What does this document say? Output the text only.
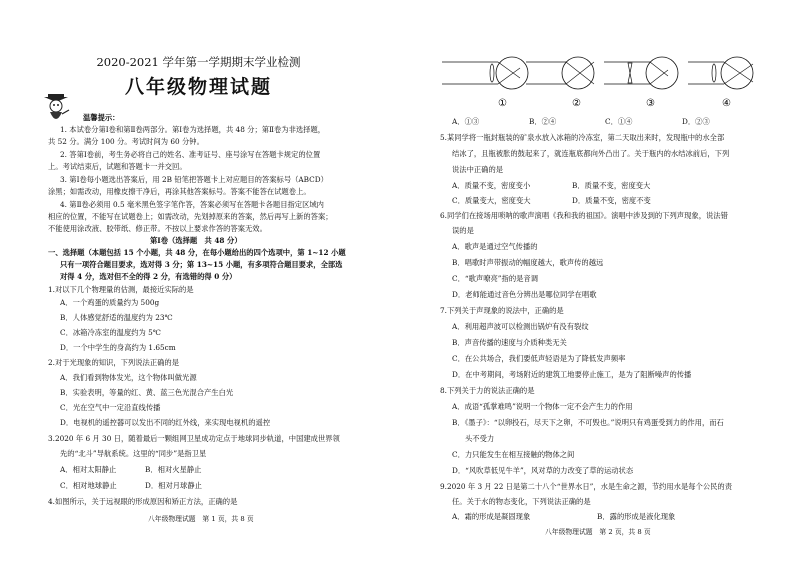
2020-2021 学年第一学期期末学业检测
八年级物理试题
温馨提示：
1. 本试卷分第Ⅰ卷和第Ⅱ卷两部分。第Ⅰ卷为选择题，共 48 分；第Ⅱ卷为非选择题，
共 52 分。满分 100 分。考试时间为 60 分钟。
2. 答第Ⅰ卷前，考生务必将自己的姓名、准考证号、座号涂写在答题卡规定的位置
上。考试结束后，试题和答题卡一并交回。
3. 第Ⅰ卷每小题选出答案后，用 2B 铅笔把答题卡上对应题目的答案标号（ABCD）
涂黑；如需改动，用橡皮擦干净后，再涂其他答案标号。答案不能答在试题卷上。
4. 第Ⅱ卷必须用 0.5 毫米黑色签字笔作答，答案必须写在答题卡各题目指定区域内
相应的位置，不能写在试题卷上；如需改动，先划掉原来的答案，然后再写上新的答案；
不能使用涂改液、胶带纸、修正带。不按以上要求作答的答案无效。
第Ⅰ卷（选择题　共 48 分）
一、选择题（本题包括 15 个小题，共 48 分，在每小题给出的四个选项中，第 1~12 小题
只有一项符合题目要求，选对得 3 分；第 13~15 小题，有多项符合题目要求，全部选
对得 4 分，选对但不全的得 2 分，有选错的得 0 分）
1.对以下几个物理量的估测，最接近实际的是
A．一个鸡蛋的质量约为 500g
B．人体感觉舒适的温度约为 23℃
C．冰箱冷冻室的温度约为 5℃
D．一个中学生的身高约为 1.65cm
2.对于光现象的知识，下列说法正确的是
A．我们看到物体发光，这个物体叫做光源
B．实验表明，等量的红、黄、蓝三色光混合产生白光
C．光在空气中一定沿直线传播
D．电视机的遥控器可以发出不同的红外线，来实现电视机的遥控
3.2020 年 6 月 30 日，随着最后一颗组网卫星成功定点于地球同步轨道，中国建成世界领
先的“北斗”导航系统。这里的“同步”是指卫星
A．相对太阳静止	B．相对火星静止
C．相对地球静止	D．相对月球静止
4.如图所示，关于远视眼的形成原因和矫正方法，正确的是
八年级物理试题　第 1 页，共 8 页
①	②	③	④
A．①③	B．②④	C．①④	D．②③
5.某同学将一瓶封瓶装的矿泉水放入冰箱的冷冻室，第二天取出来时，发现瓶中的水全部
结冰了，且瓶被胀的鼓起来了，就连瓶底都向外凸出了。关于瓶内的水结冰前后，下列
说法中正确的是
A．质量不变，密度变小	B．质量不变，密度变大
C．质量变大，密度变大	D．质量不变，密度不变
6.同学们在接场用唢呐的歌声演唱《我和我的祖国》。演唱中涉及到的下列声现象，说法错
误的是
A．歌声是通过空气传播的
B．唱歌时声带振动的幅度越大，歌声传的越远
C．“歌声嘹亮”指的是音调
D．老师能通过音色分辨出是哪位同学在唱歌
7.下列关于声现象的说法中，正确的是
A．利用超声波可以检测出锅炉有没有裂纹
B．声音传播的速度与介质种类无关
C．在公共场合，我们要低声轻语是为了降低发声频率
D．在中考期间，考场附近的建筑工地要停止施工，是为了阻断噪声的传播
8.下列关于力的说法正确的是
A．成语“孤掌难鸣”说明一个物体一定不会产生力的作用
B．《墨子》：“以卵投石，尽天下之卵，不可毁也。”说明只有鸡蛋受到力的作用，而石
头不受力
C．力只能发生在相互接触的物体之间
D．“风吹草低见牛羊”，风对草的力改变了草的运动状态
9.2020 年 3 月 22 日是第二十八个“世界水日”，水是生命之源，节约用水是每个公民的责
任。关于水的物态变化，下列说法正确的是
A．霜的形成是凝固现象	B．露的形成是液化现象
八年级物理试题　第 2 页，共 8 页
